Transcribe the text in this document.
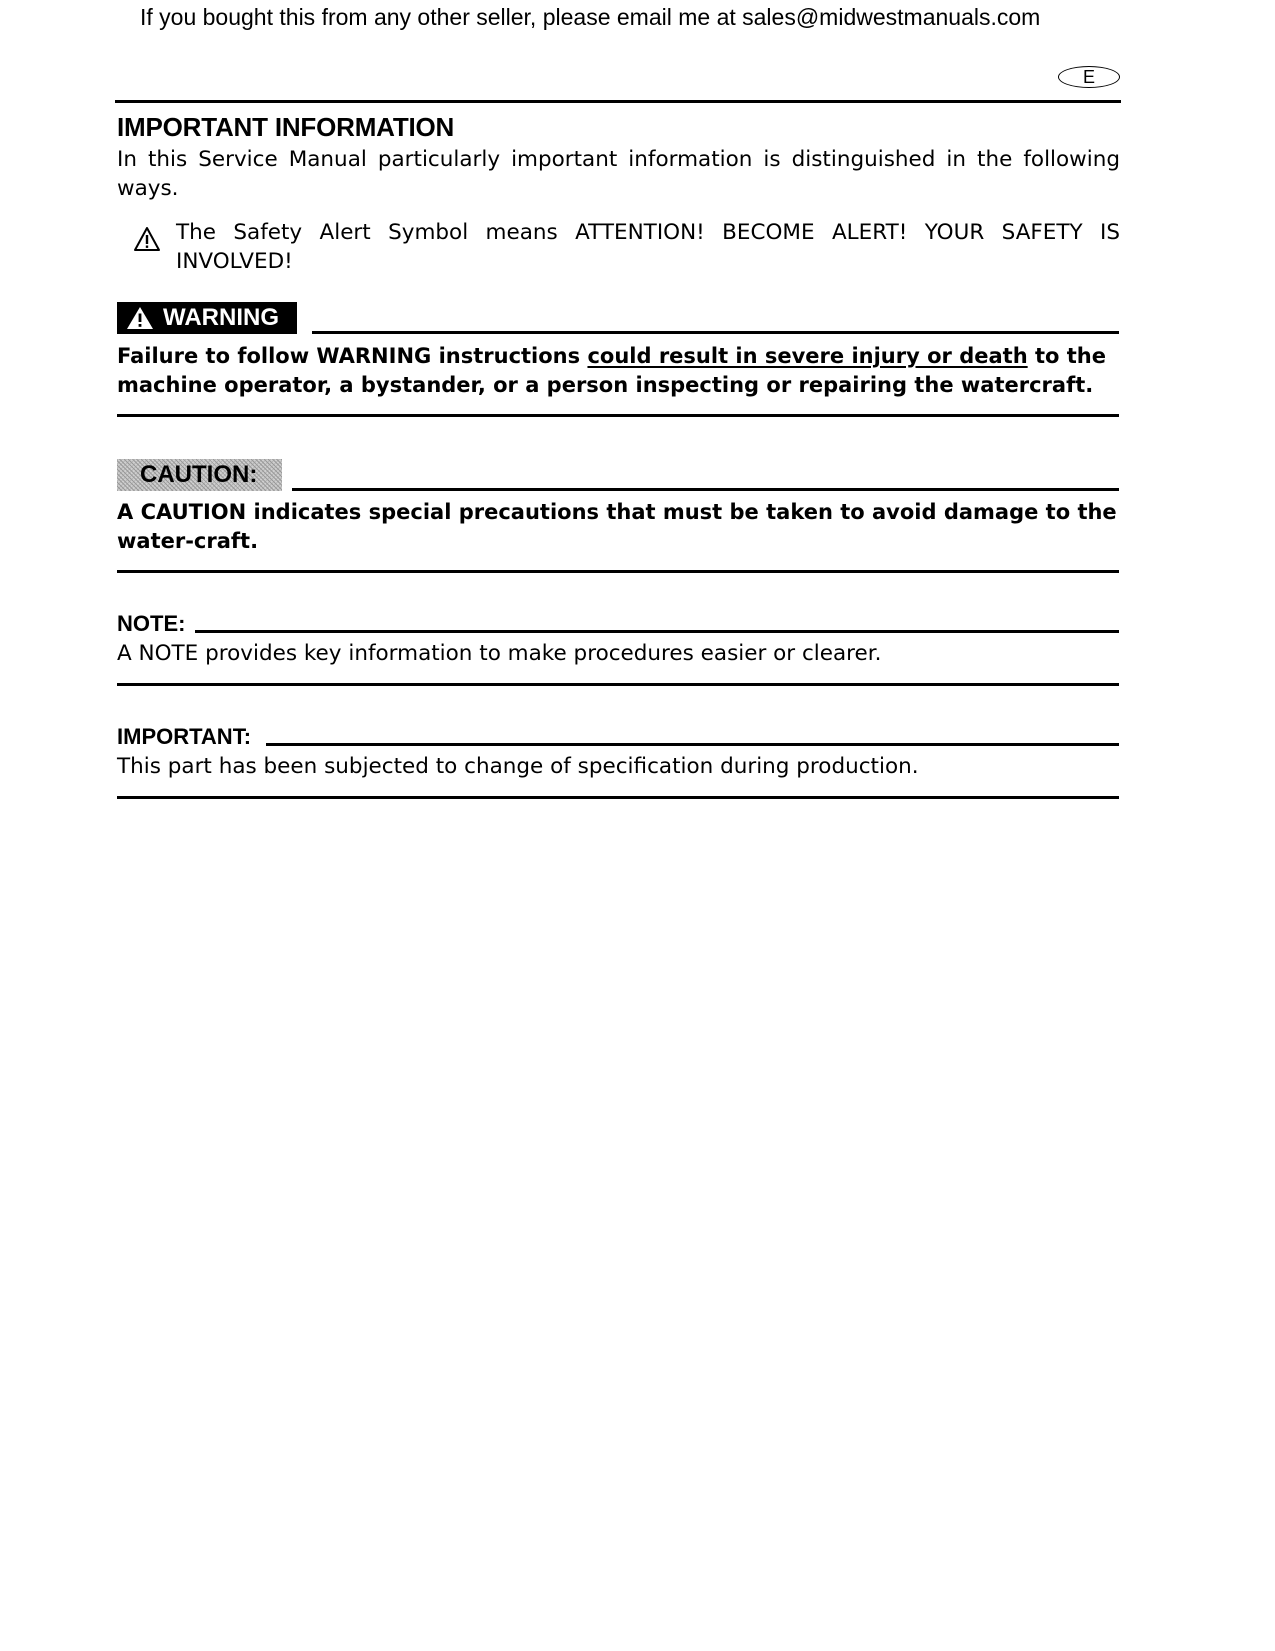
If you bought this from any other seller, please email me at sales@midwestmanuals.com
E
IMPORTANT INFORMATION
In this Service Manual particularly important information is distinguished in the following ways.
The Safety Alert Symbol means ATTENTION! BECOME ALERT! YOUR SAFETY IS INVOLVED!
WARNING
Failure to follow WARNING instructions could result in severe injury or death to the machine operator, a bystander, or a person inspecting or repairing the watercraft.
CAUTION:
A CAUTION indicates special precautions that must be taken to avoid damage to the water-craft.
NOTE:
A NOTE provides key information to make procedures easier or clearer.
IMPORTANT:
This part has been subjected to change of specification during production.
